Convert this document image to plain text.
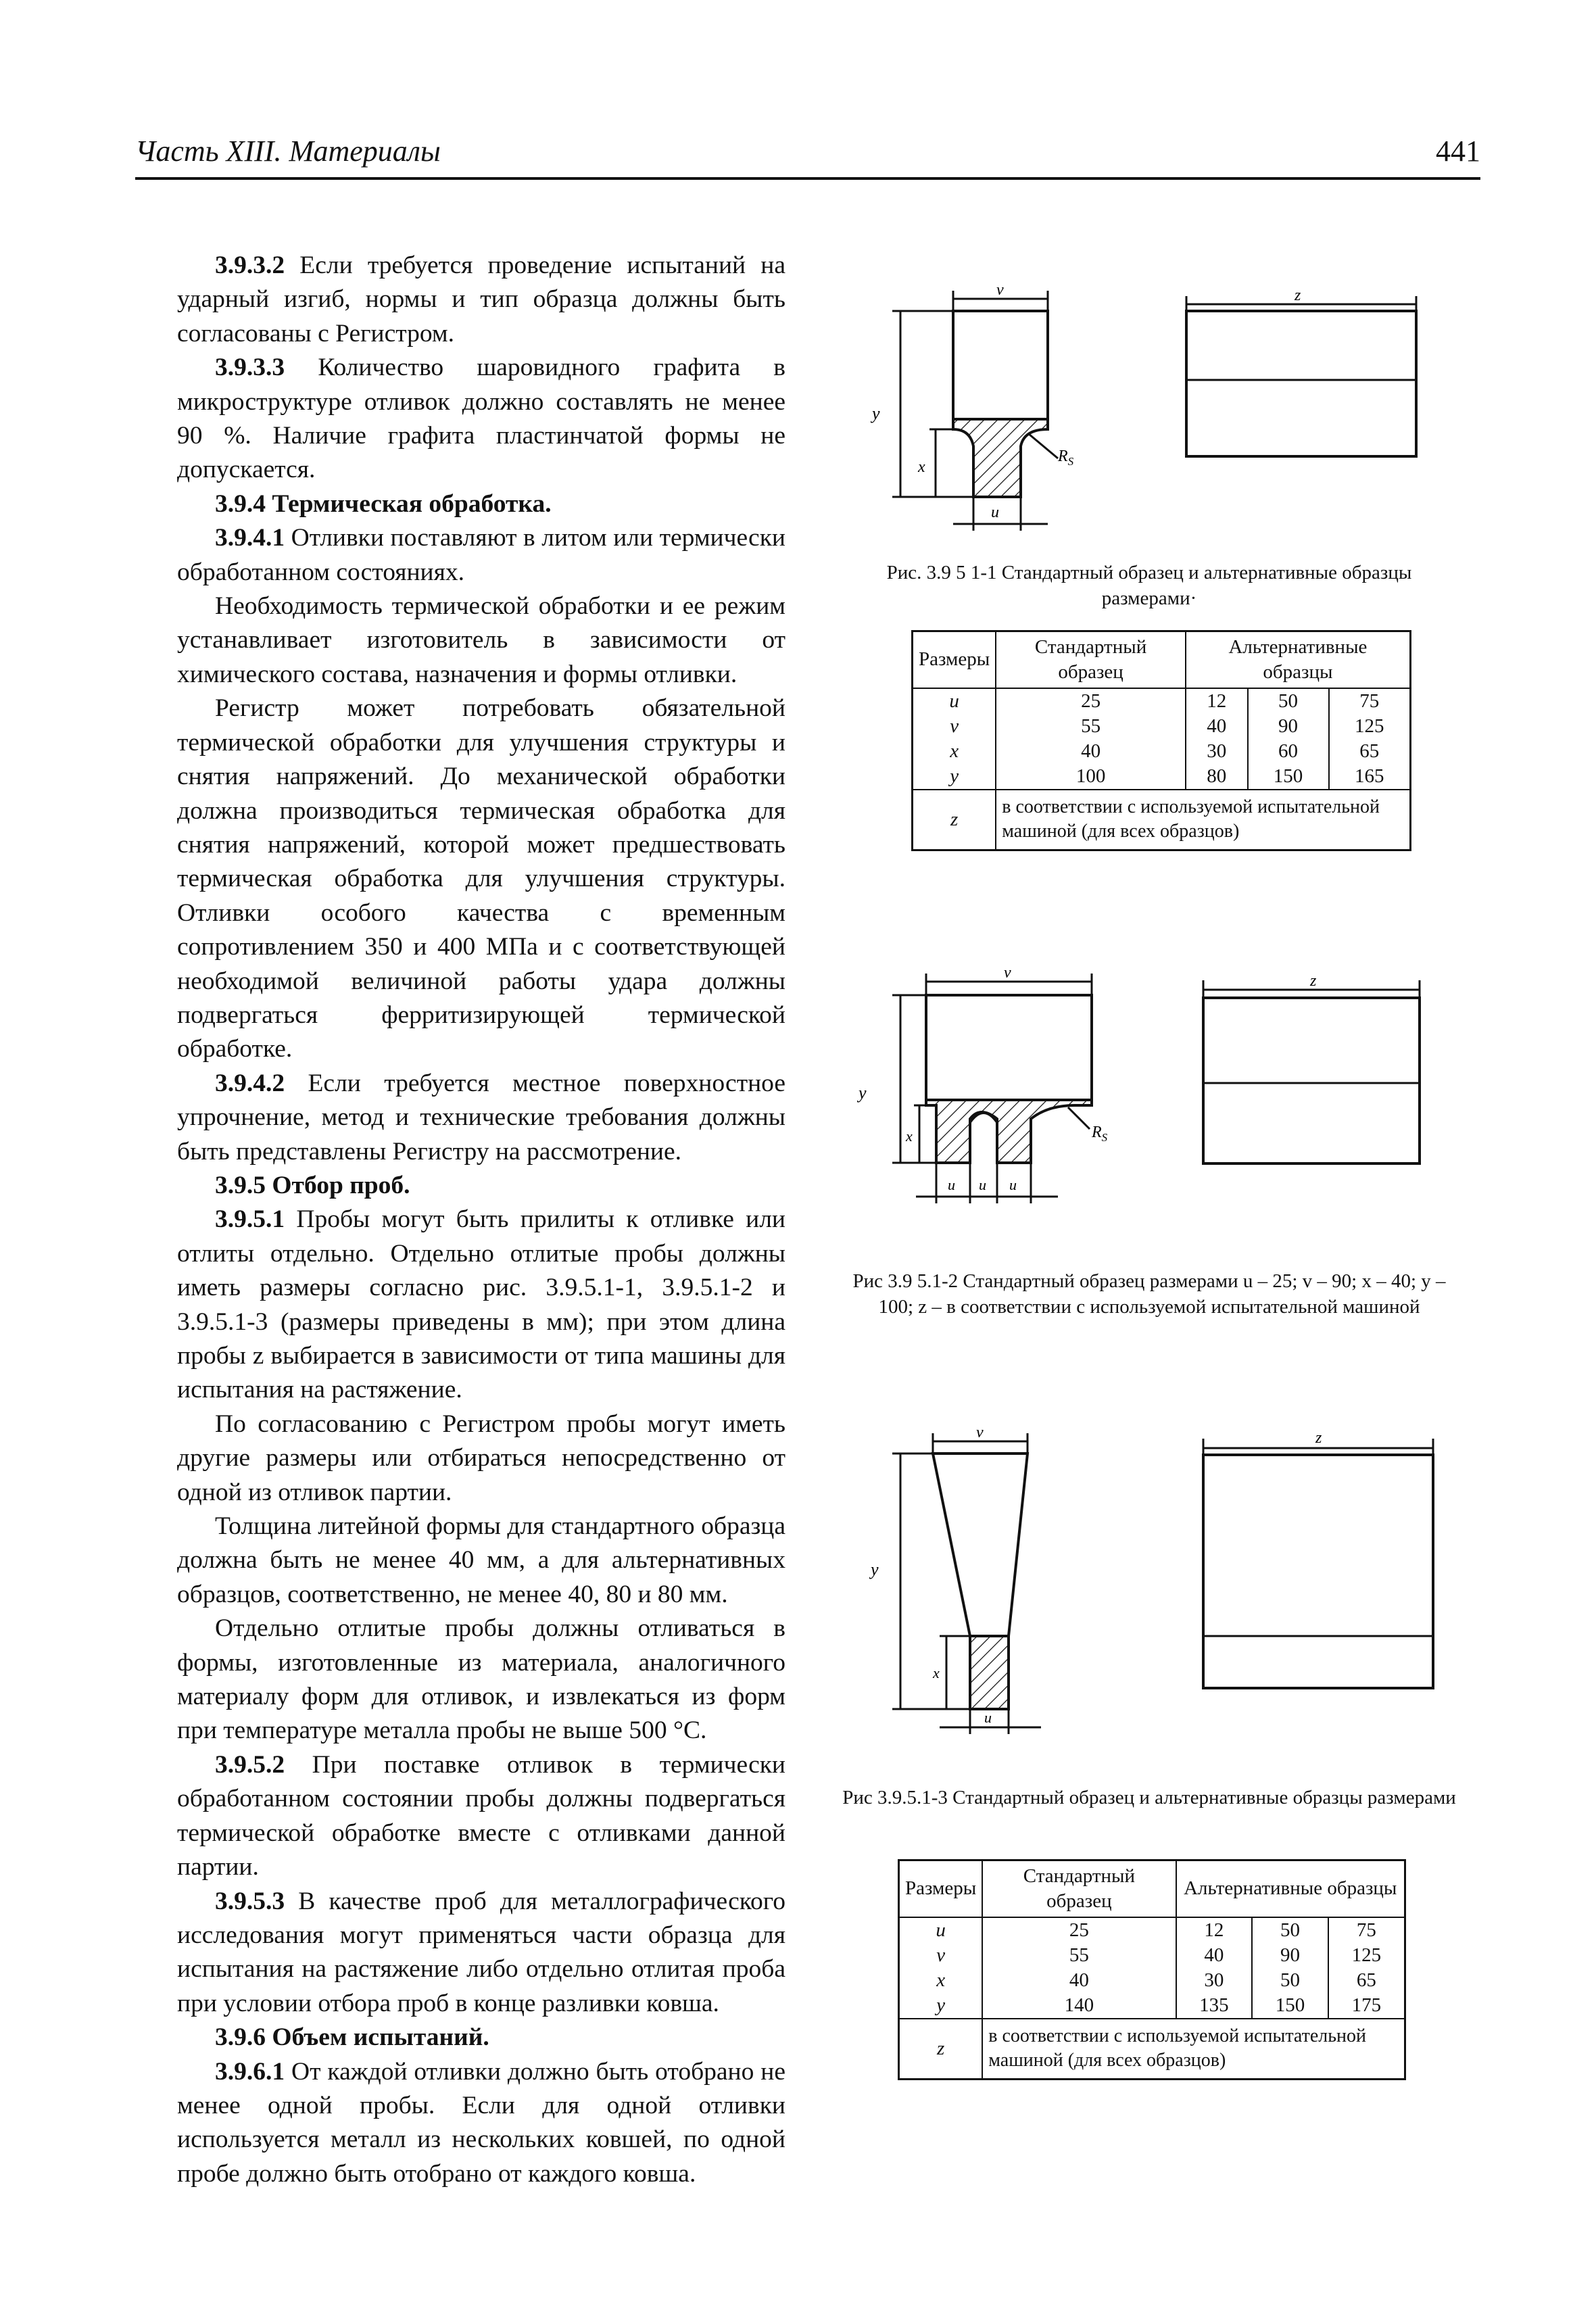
Часть XIII. Материалы	441

3.9.3.2 Если требуется проведение испытаний на ударный изгиб, нормы и тип образца должны быть согласованы с Регистром.

3.9.3.3 Количество шаровидного графита в микроструктуре отливок должно составлять не менее 90 %. Наличие графита пластинчатой формы не допускается.

3.9.4 Термическая обработка.

3.9.4.1 Отливки поставляют в литом или термически обработанном состояниях.

Необходимость термической обработки и ее режим устанавливает изготовитель в зависимости от химического состава, назначения и формы отливки.

Регистр может потребовать обязательной термической обработки для улучшения структуры и снятия напряжений. До механической обработки должна производиться термическая обработка для снятия напряжений, которой может предшествовать термическая обработка для улучшения структуры. Отливки особого качества с временным сопротивлением 350 и 400 МПа и с соответствующей необходимой величиной работы удара должны подвергаться ферритизирующей термической обработке.

3.9.4.2 Если требуется местное поверхностное упрочнение, метод и технические требования должны быть представлены Регистру на рассмотрение.

3.9.5 Отбор проб.

3.9.5.1 Пробы могут быть прилиты к отливке или отлиты отдельно. Отдельно отлитые пробы должны иметь размеры согласно рис. 3.9.5.1-1, 3.9.5.1-2 и 3.9.5.1-3 (размеры приведены в мм); при этом длина пробы z выбирается в зависимости от типа машины для испытания на растяжение.

По согласованию с Регистром пробы могут иметь другие размеры или отбираться непосредственно от одной из отливок партии.

Толщина литейной формы для стандартного образца должна быть не менее 40 мм, а для альтернативных образцов, соответственно, не менее 40, 80 и 80 мм.

Отдельно отлитые пробы должны отливаться в формы, изготовленные из материала, аналогичного материалу форм для отливок, и извлекаться из форм при температуре металла пробы не выше 500 °C.

3.9.5.2 При поставке отливок в термически обработанном состоянии пробы должны подвергаться термической обработке вместе с отливками данной партии.

3.9.5.3 В качестве проб для металлографического исследования могут применяться части образца для испытания на растяжение либо отдельно отлитая проба при условии отбора проб в конце разливки ковша.

3.9.6 Объем испытаний.

3.9.6.1 От каждой отливки должно быть отобрано не менее одной пробы. Если для одной отливки используется металл из нескольких ковшей, по одной пробе должно быть отобрано от каждого ковша.

v
y
x
u
$R_S$
z
Рис. 3.9 5 1-1 Стандартный образец и альтернативные образцы размерами·
Размеры	Стандартный образец	Альтернативные образцы		
u	25	12	50	75
v	55	40	90	125
x	40	30	60	65
y	100	80	150	165
z	в соответствии с используемой испытательной машиной (для всех образцов)			
v
y
x
u u u
$R_S$
z
Рис 3.9 5.1-2 Стандартный образец размерами u – 25; v – 90; x – 40; y – 100; z – в соответствии с используемой испытательной машиной
v
y
x
u
z
Рис 3.9.5.1-3 Стандартный образец и альтернативные образцы размерами
Размеры	Стандартный образец	Альтернативные образцы		
u	25	12	50	75
v	55	40	90	125
x	40	30	50	65
y	140	135	150	175
z	в соответствии с используемой испытательной машиной (для всех образцов)			
